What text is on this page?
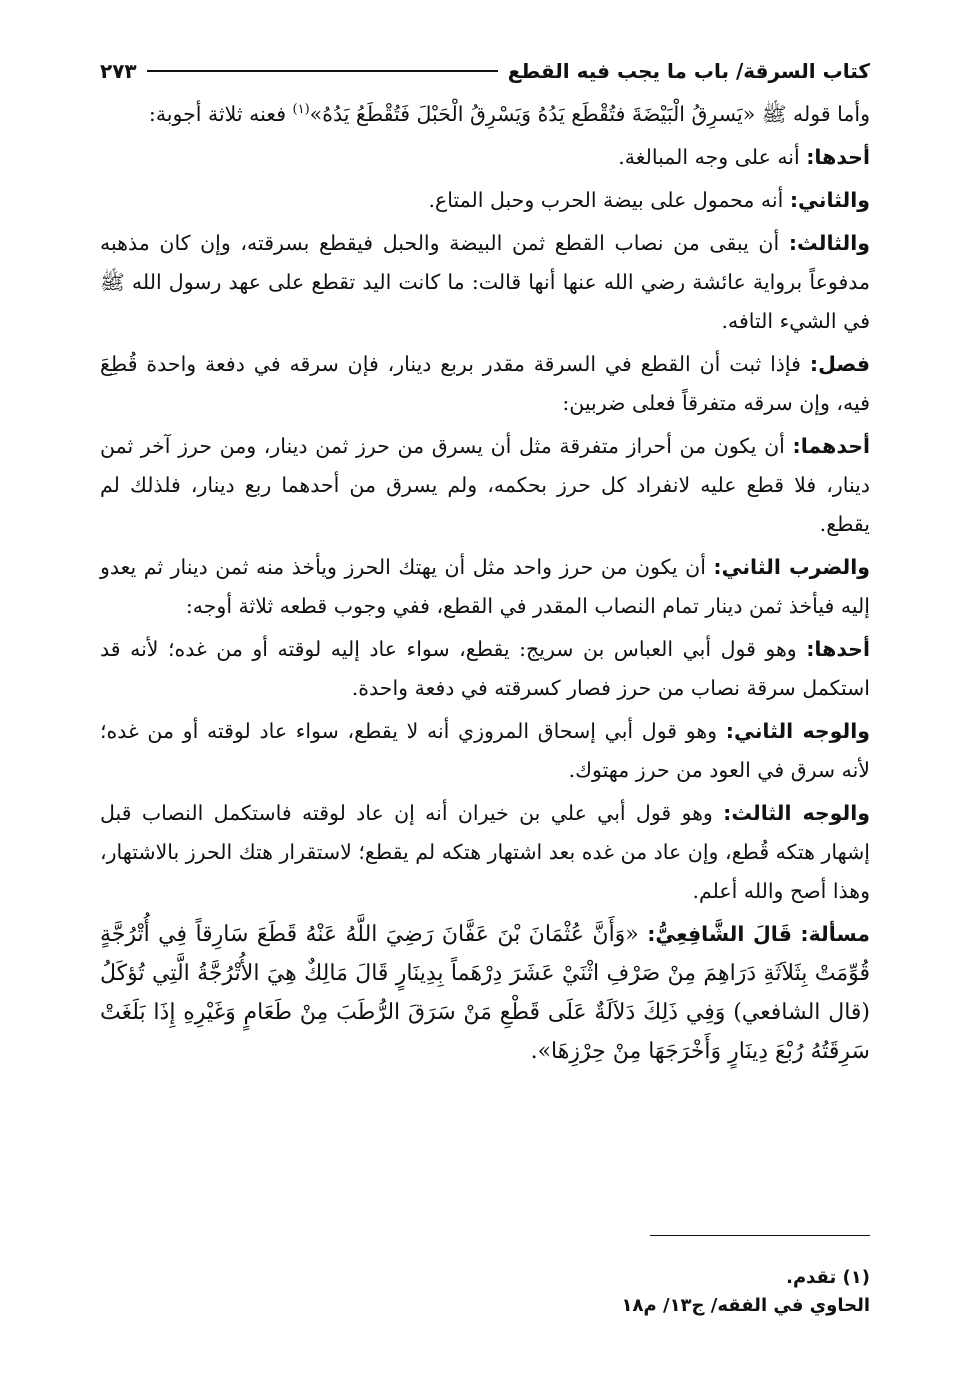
كتاب السرقة/ باب ما يجب فيه القطع
٢٧٣

وأما قوله ﷺ «يَسرِقُ الْبَيْضَةَ فتُقْطَع يَدُهُ وَيَسْرِقُ الْحَبْلَ فَتُقْطَعُ يَدُهُ»$^{(١)}$ فعنه ثلاثة أجوبة:

أحدها: أنه على وجه المبالغة.

والثاني: أنه محمول على بيضة الحرب وحبل المتاع.

والثالث: أن يبقى من نصاب القطع ثمن البيضة والحبل فيقطع بسرقته، وإن كان مذهبه مدفوعاً برواية عائشة رضي الله عنها أنها قالت: ما كانت اليد تقطع على عهد رسول الله ﷺ في الشيء التافه.

فصل: فإذا ثبت أن القطع في السرقة مقدر بربع دينار، فإن سرقه في دفعة واحدة قُطِعَ فيه، وإن سرقه متفرقاً فعلى ضربين:

أحدهما: أن يكون من أحراز متفرقة مثل أن يسرق من حرز ثمن دينار، ومن حرز آخر ثمن دينار، فلا قطع عليه لانفراد كل حرز بحكمه، ولم يسرق من أحدهما ربع دينار، فلذلك لم يقطع.

والضرب الثاني: أن يكون من حرز واحد مثل أن يهتك الحرز ويأخذ منه ثمن دينار ثم يعدو إليه فيأخذ ثمن دينار تمام النصاب المقدر في القطع، ففي وجوب قطعه ثلاثة أوجه:

أحدها: وهو قول أبي العباس بن سريج: يقطع، سواء عاد إليه لوقته أو من غده؛ لأنه قد استكمل سرقة نصاب من حرز فصار كسرقته في دفعة واحدة.

والوجه الثاني: وهو قول أبي إسحاق المروزي أنه لا يقطع، سواء عاد لوقته أو من غده؛ لأنه سرق في العود من حرز مهتوك.

والوجه الثالث: وهو قول أبي علي بن خيران أنه إن عاد لوقته فاستكمل النصاب قبل إشهار هتكه قُطع، وإن عاد من غده بعد اشتهار هتكه لم يقطع؛ لاستقرار هتك الحرز بالاشتهار، وهذا أصح والله أعلم.

مسألة: قَالَ الشَّافِعِيُّ: «وَأَنَّ عُثْمَانَ بْنَ عَفَّانَ رَضِيَ اللَّهُ عَنْهُ قَطَعَ سَارِقاً فِي أُتْرُجَّةٍ قُوِّمَتْ بِثَلاَثَةِ دَرَاهِمَ مِنْ صَرْفِ اثْنَيْ عَشَرَ دِرْهَماً بِدِينَارٍ قَالَ مَالِكٌ هِيَ الأُتْرُجَّةُ الَّتِي تُؤكَلُ (قال الشافعي) وَفِي ذَلِكَ دَلاَلَةٌ عَلَى قَطْعِ مَنْ سَرَقَ الرُّطَبَ مِنْ طَعَامٍ وَغَيْرِهِ إِذَا بَلَغَتْ سَرِقَتُهُ رُبْعَ دِينَارٍ وَأَخْرَجَهَا مِنْ حِرْزِهَا».

(١) تقدم.
الحاوي في الفقه/ ج١٣/ م١٨
